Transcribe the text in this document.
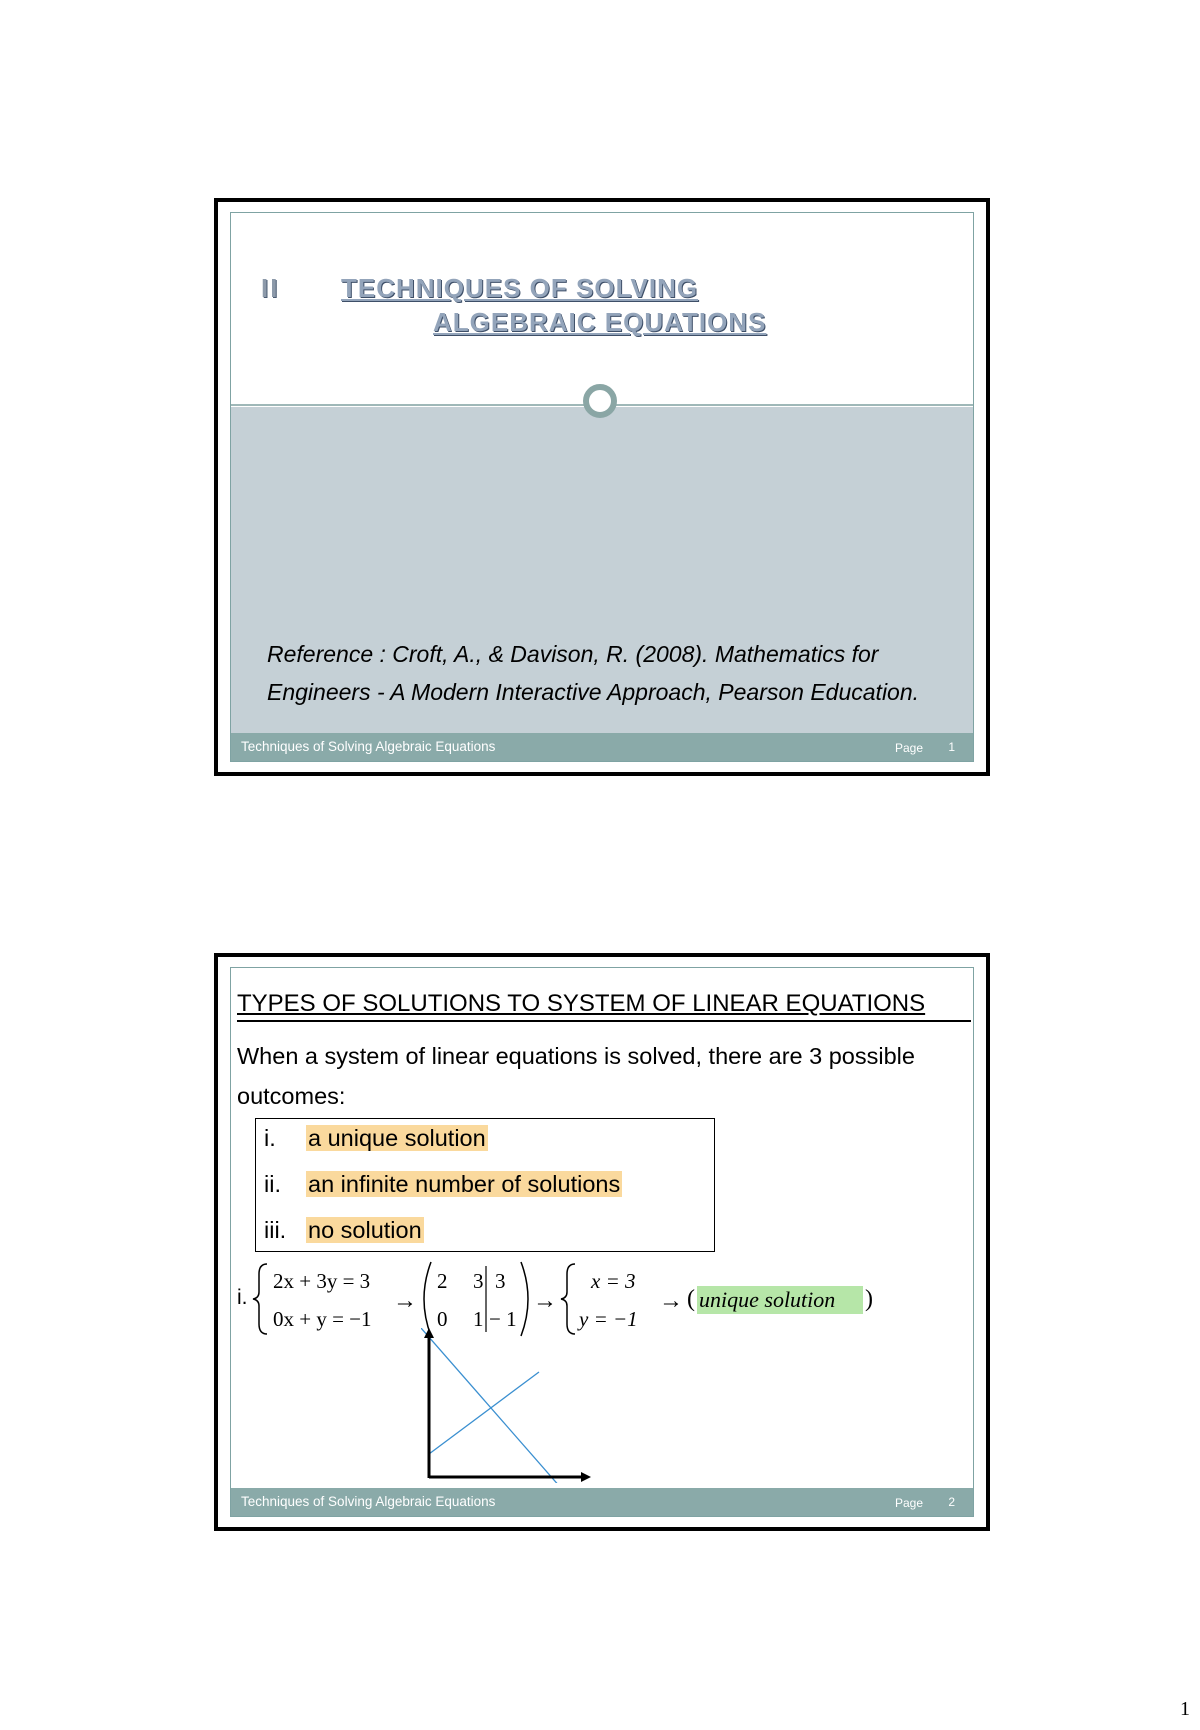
II TECHNIQUES OF SOLVING
ALGEBRAIC EQUATIONS
Reference : Croft, A., & Davison, R. (2008). Mathematics for Engineers - A Modern Interactive Approach, Pearson Education.
Techniques of Solving Algebraic Equations	Page 1
TYPES OF SOLUTIONS TO SYSTEM OF LINEAR EQUATIONS
When a system of linear equations is solved, there are 3 possible outcomes:
i. a unique solution
ii. an infinite number of solutions
iii. no solution
i.
2x + 3y = 3
0x + y = −1
→
2 3 3
0 1 − 1
→
x = 3
y = −1
→ ( unique solution )
Techniques of Solving Algebraic Equations	Page 2
1
